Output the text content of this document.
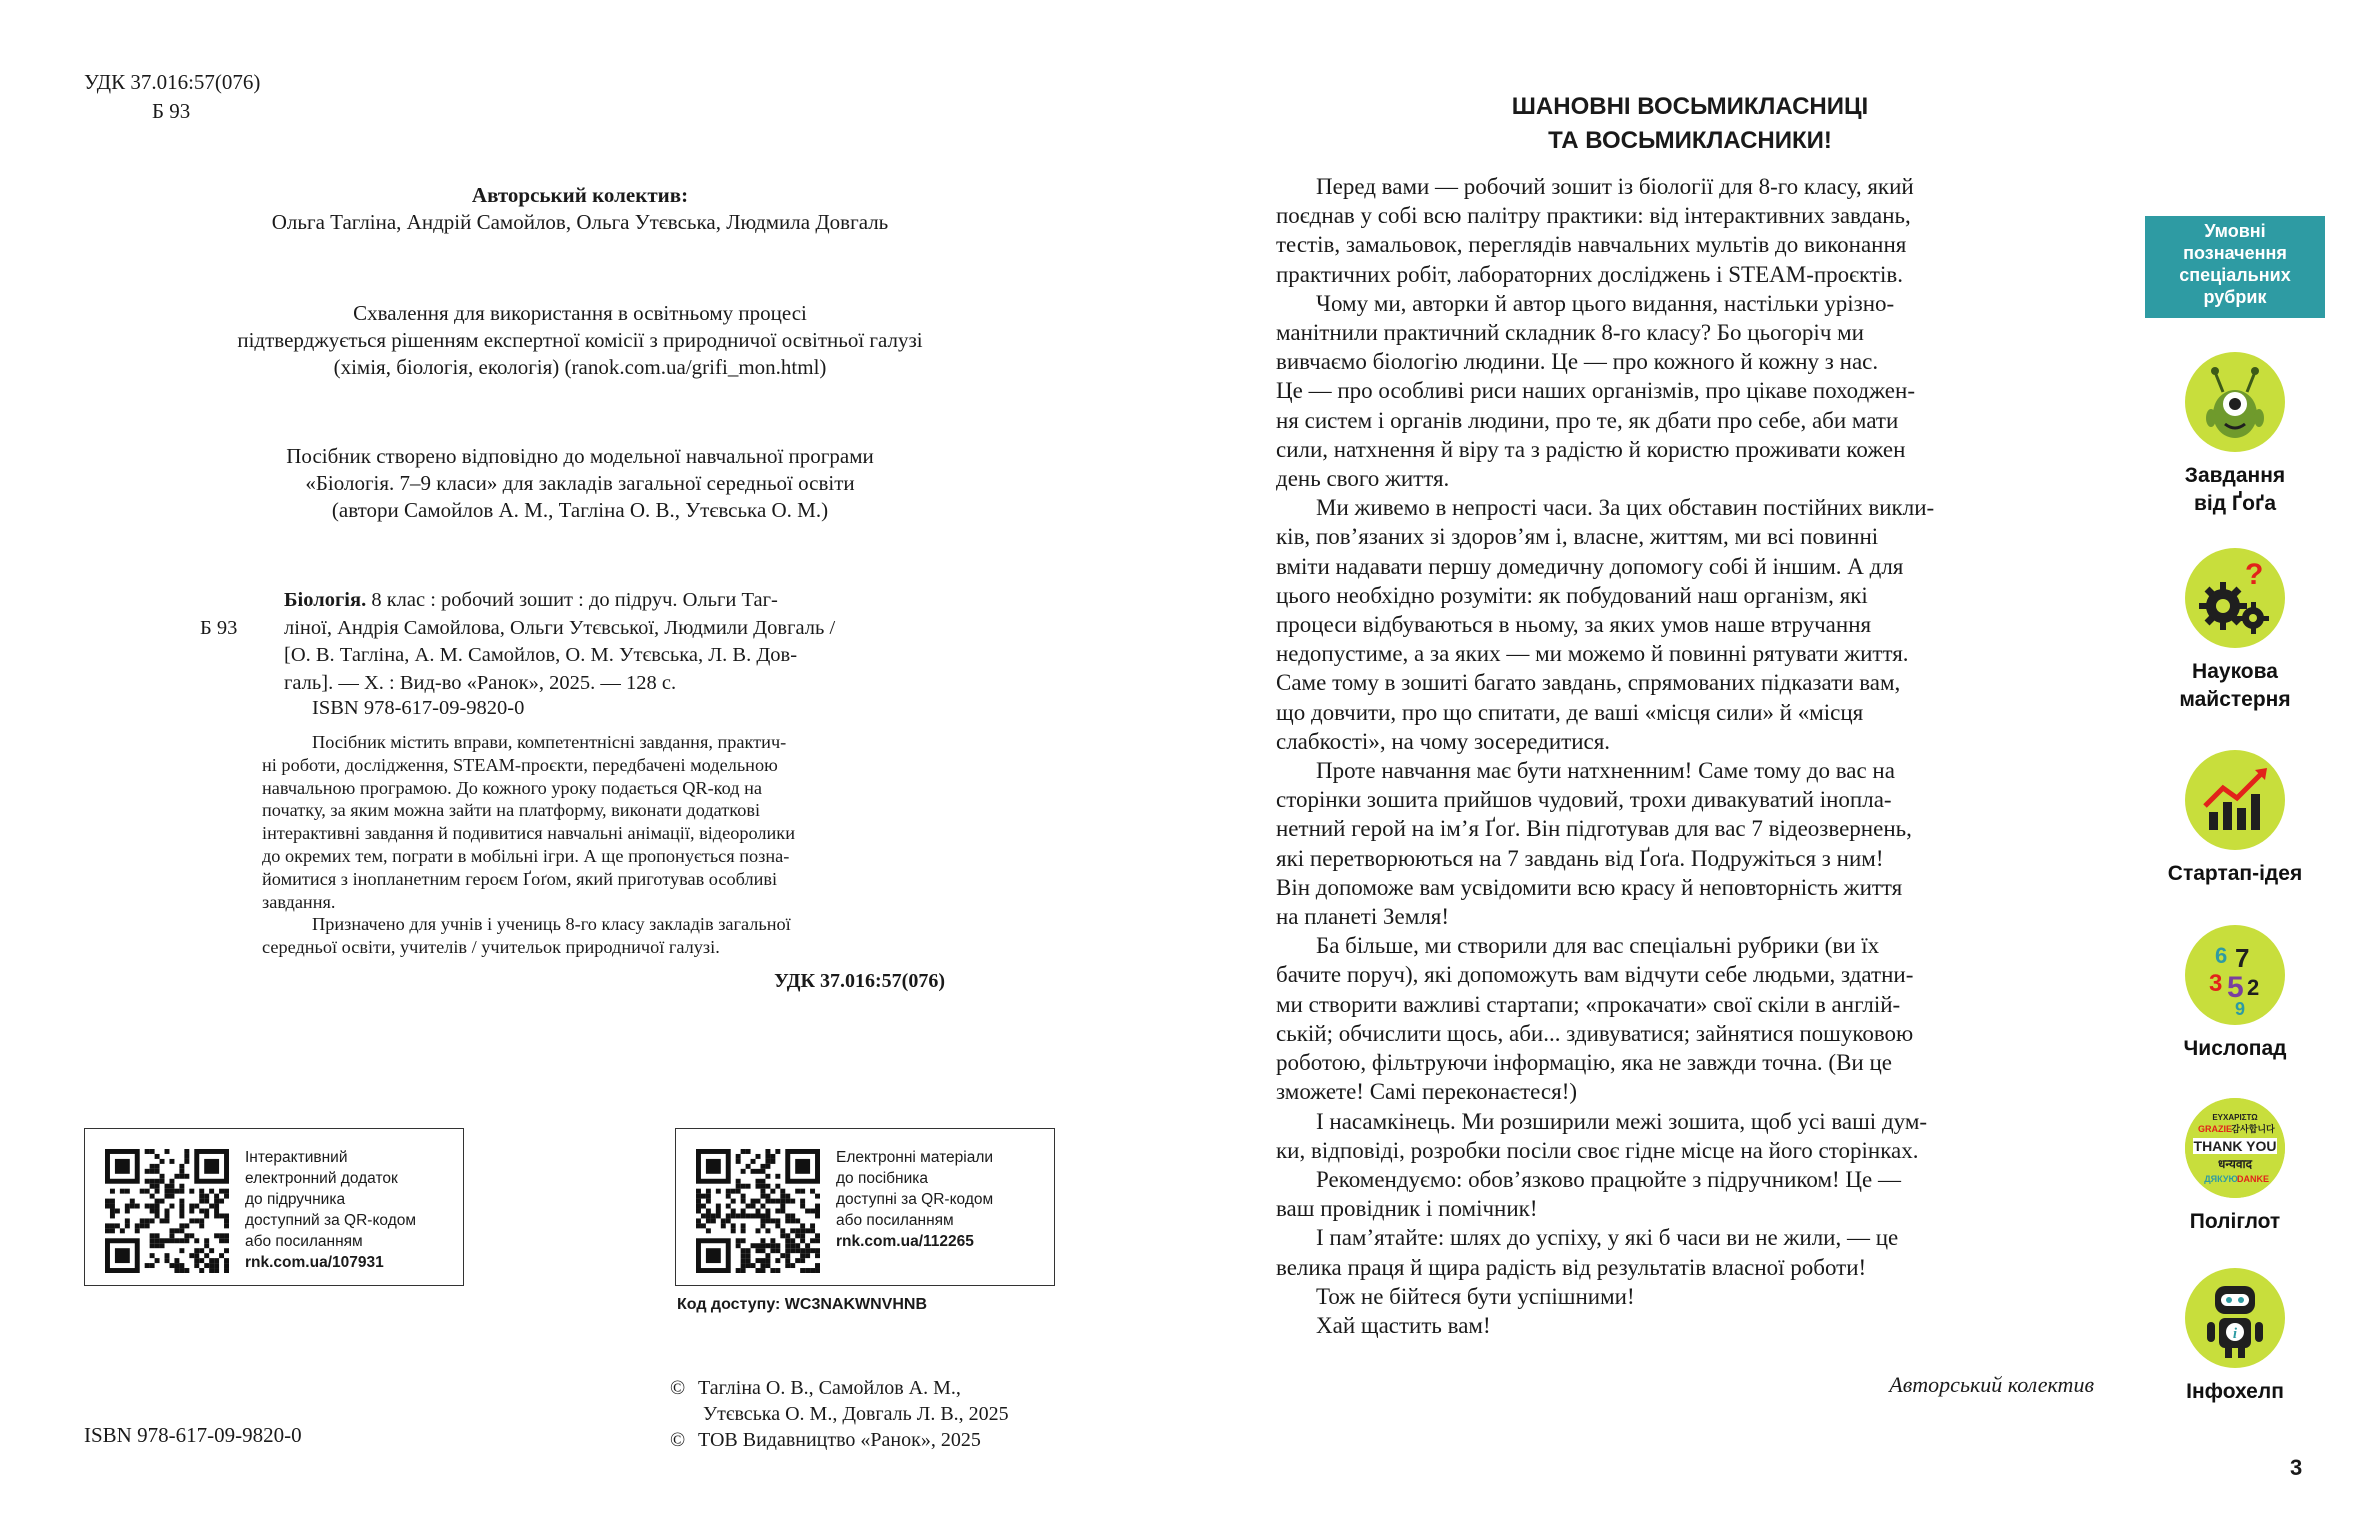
УДК 37.016:57(076)
Б 93
Авторський колектив:
Ольга Тагліна, Андрій Самойлов, Ольга Утєвська, Людмила Довгаль
Схвалення для використання в освітньому процесі
підтверджується рішенням експертної комісії з природничої освітньої галузі
(хімія, біологія, екологія) (ranok.com.ua/grifi_mon.html)
Посібник створено відповідно до модельної навчальної програми
«Біологія. 7–9 класи» для закладів загальної середньої освіти
(автори Самойлов А. М., Тагліна О. В., Утєвська О. М.)
Біологія. 8 клас : робочий зошит : до підруч. Ольги Таг-
Б 93 ліної, Андрія Самойлова, Ольги Утєвської, Людмили Довгаль /
[О. В. Тагліна, А. М. Самойлов, О. М. Утєвська, Л. В. Дов-
галь]. — Х. : Вид-во «Ранок», 2025. — 128 с.
ISBN 978-617-09-9820-0
Посібник містить вправи, компетентнісні завдання, практич-
ні роботи, дослідження, STEAM-проєкти, передбачені модельною
навчальною програмою. До кожного уроку подається QR-код на
початку, за яким можна зайти на платформу, виконати додаткові
інтерактивні завдання й подивитися навчальні анімації, відеоролики
до окремих тем, пограти в мобільні ігри. А ще пропонується позна-
йомитися з інопланетним героєм Ґоґом, який приготував особливі
завдання.
Призначено для учнів і учениць 8-го класу закладів загальної
середньої освіти, учителів / учительок природничої галузі.
УДК 37.016:57(076)
Інтерактивний
електронний додаток
до підручника
доступний за QR-кодом
або посиланням
rnk.com.ua/107931
Електронні матеріали
до посібника
доступні за QR-кодом
або посиланням
rnk.com.ua/112265
Код доступу: WC3NAKWNVHNB
© Тагліна О. В., Самойлов А. М.,
Утєвська О. М., Довгаль Л. В., 2025
© ТОВ Видавництво «Ранок», 2025
ISBN 978-617-09-9820-0
ШАНОВНІ ВОСЬМИКЛАСНИЦІ
ТА ВОСЬМИКЛАСНИКИ!
Перед вами — робочий зошит із біології для 8-го класу, який
поєднав у собі всю палітру практики: від інтерактивних завдань,
тестів, замальовок, переглядів навчальних мультів до виконання
практичних робіт, лабораторних досліджень і STEAM-проєктів.
Чому ми, авторки й автор цього видання, настільки урізно-
манітнили практичний складник 8-го класу? Бо цьогоріч ми
вивчаємо біологію людини. Це — про кожного й кожну з нас.
Це — про особливі риси наших організмів, про цікаве походжен-
ня систем і органів людини, про те, як дбати про себе, аби мати
сили, натхнення й віру та з радістю й користю проживати кожен
день свого життя.
Ми живемо в непрості часи. За цих обставин постійних викли-
ків, пов’язаних зі здоров’ям і, власне, життям, ми всі повинні
вміти надавати першу домедичну допомогу собі й іншим. А для
цього необхідно розуміти: як побудований наш організм, які
процеси відбуваються в ньому, за яких умов наше втручання
недопустиме, а за яких — ми можемо й повинні рятувати життя.
Саме тому в зошиті багато завдань, спрямованих підказати вам,
що довчити, про що спитати, де ваші «місця сили» й «місця
слабкості», на чому зосередитися.
Проте навчання має бути натхненним! Саме тому до вас на
сторінки зошита прийшов чудовий, трохи дивакуватий інопла-
нетний герой на ім’я Ґоґ. Він підготував для вас 7 відеозвернень,
які перетворюються на 7 завдань від Ґоґа. Подружіться з ним!
Він допоможе вам усвідомити всю красу й неповторність життя
на планеті Земля!
Ба більше, ми створили для вас спеціальні рубрики (ви їх
бачите поруч), які допоможуть вам відчути себе людьми, здатни-
ми створити важливі стартапи; «прокачати» свої скіли в англій-
ській; обчислити щось, аби... здивуватися; зайнятися пошуковою
роботою, фільтруючи інформацію, яка не завжди точна. (Ви це
зможете! Самі переконаєтеся!)
І насамкінець. Ми розширили межі зошита, щоб усі ваші дум-
ки, відповіді, розробки посіли своє гідне місце на його сторінках.
Рекомендуємо: обов’язково працюйте з підручником! Це —
ваш провідник і помічник!
І пам’ятайте: шлях до успіху, у які б часи ви не жили, — це
велика праця й щира радість від результатів власної роботи!
Тож не бійтеся бути успішними!
Хай щастить вам!
Авторський колектив
Умовні
позначення
спеціальних
рубрик
Завдання
від Ґоґа
?
Наукова
майстерня
Стартап-ідея
6 7
3 5 2
9
Числопад
ΕΥΧΑΡΙΣΤΩ
GRAZIE 감사합니다
THANK YOU
धन्यवाद
ДЯКУЮ DANKE
Поліглот
i
Інфохелп
3
